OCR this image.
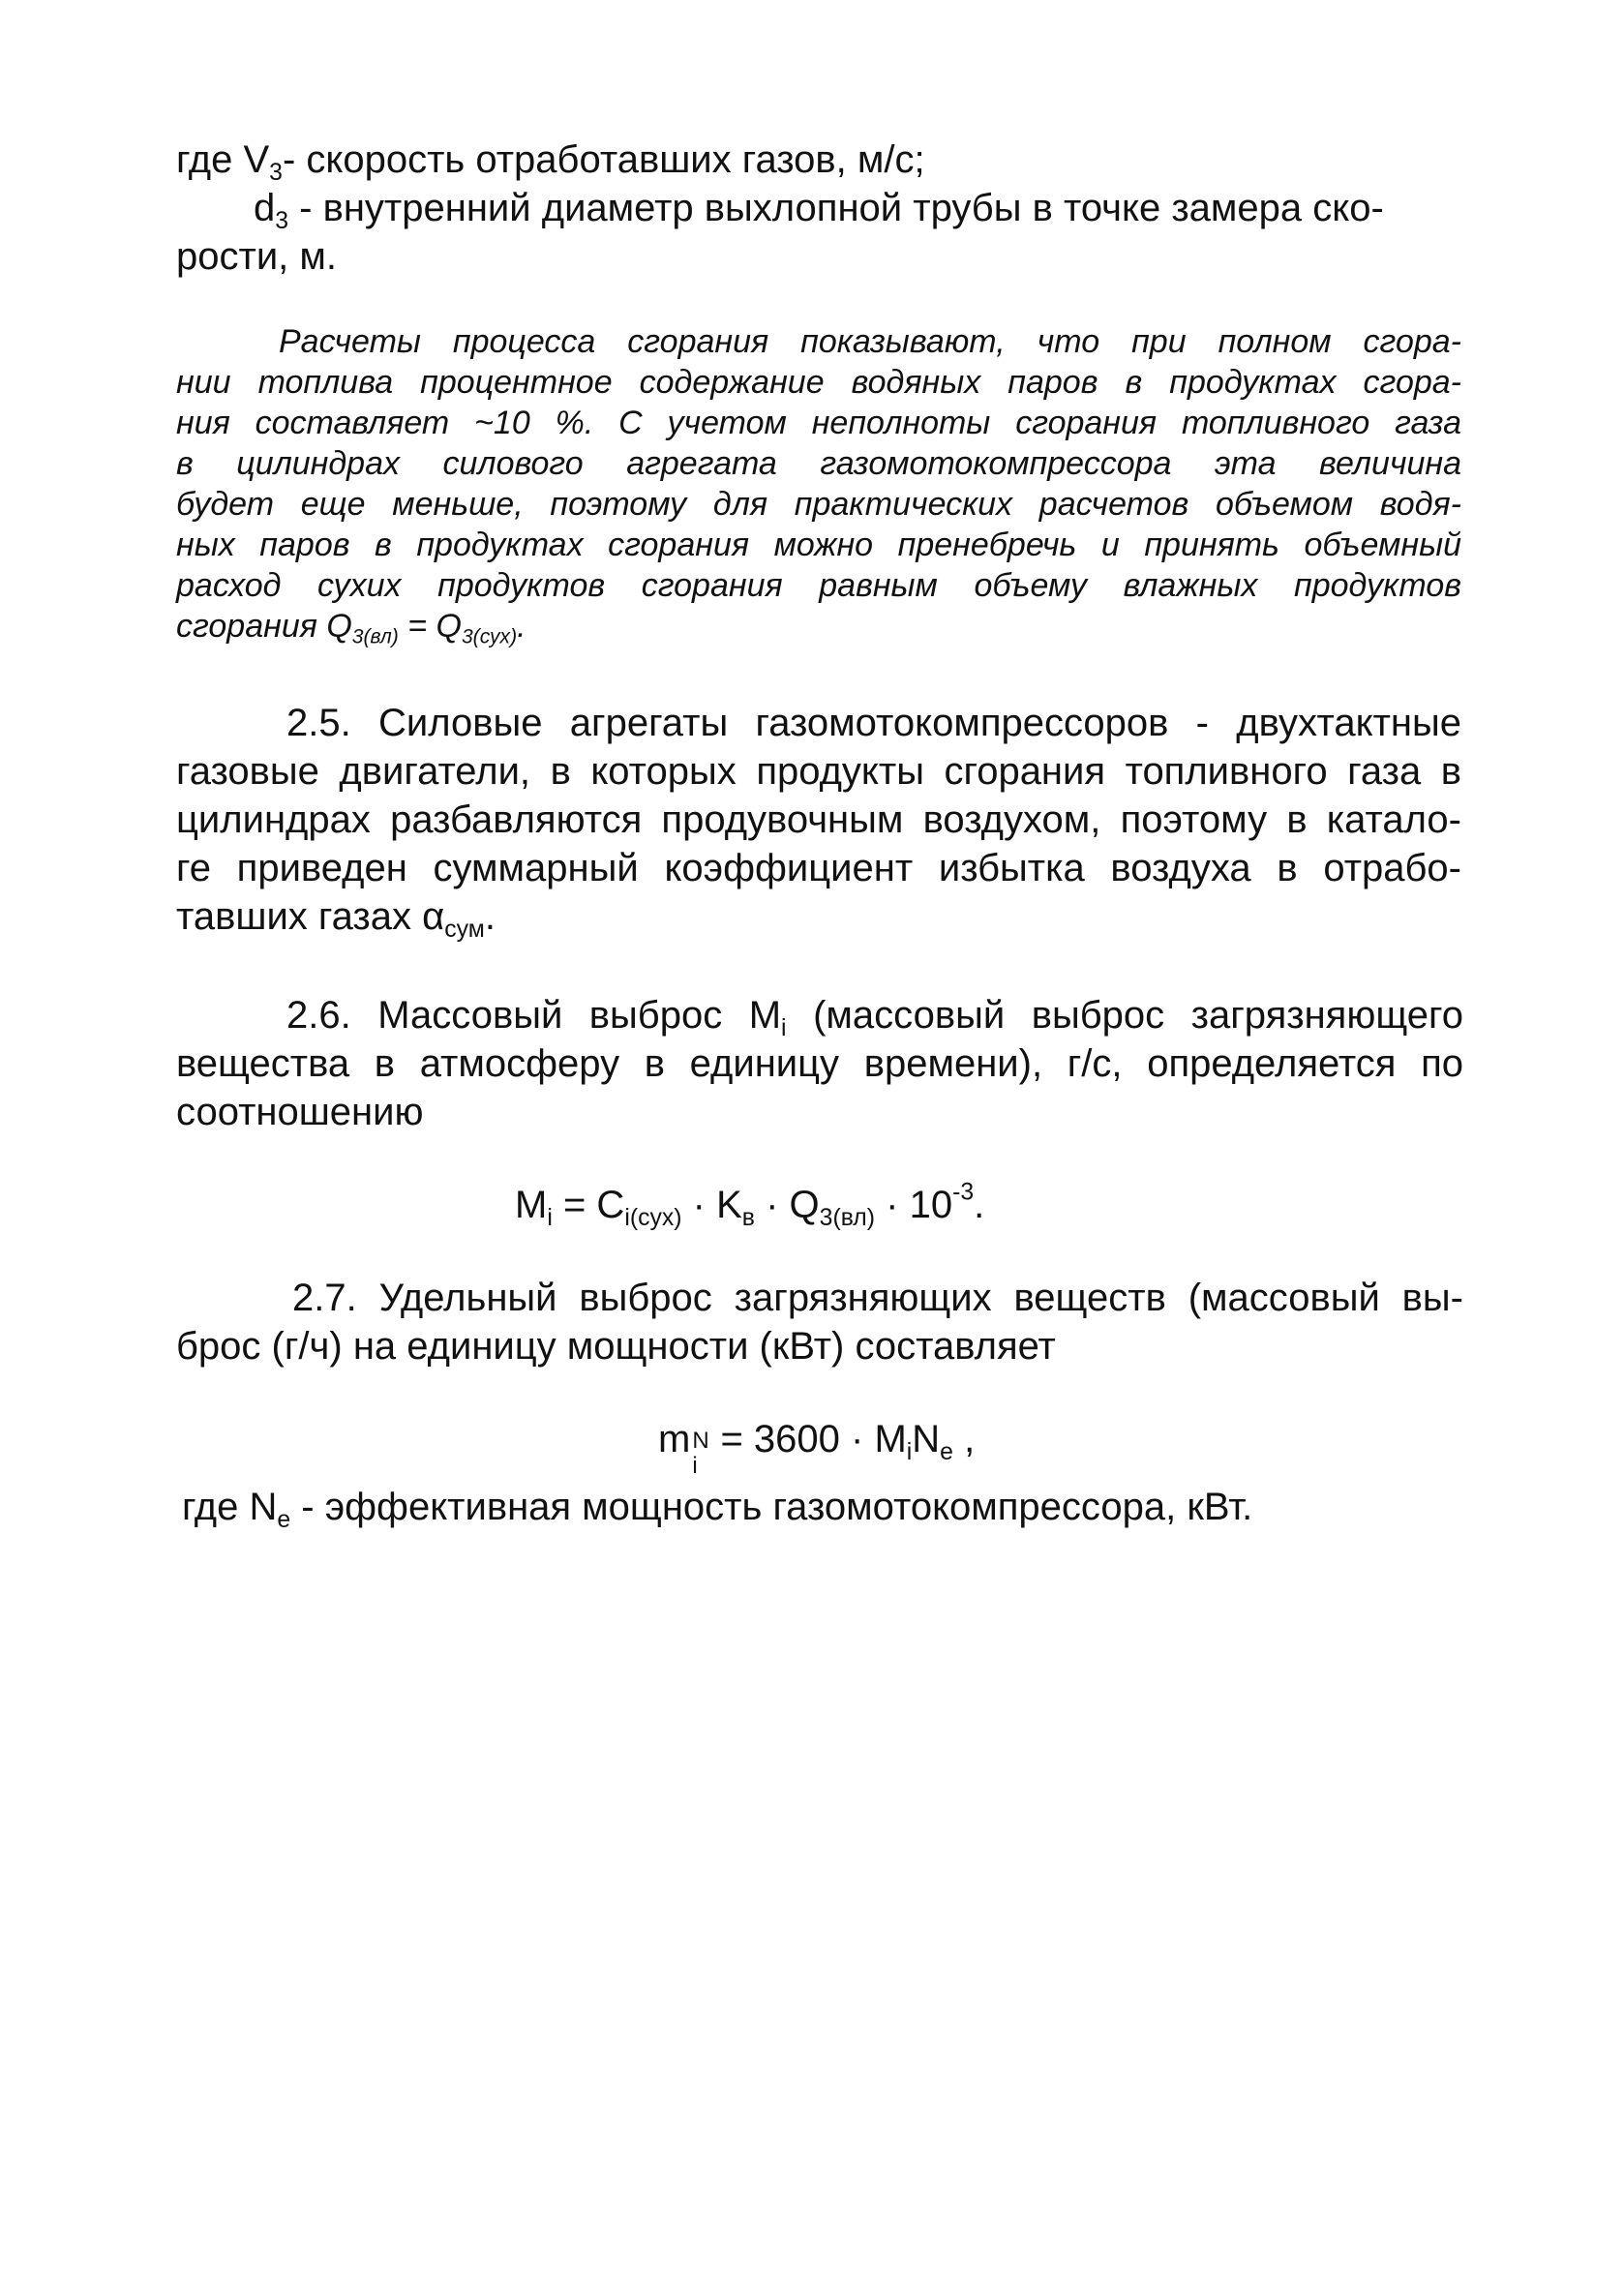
где $V_3-$ скорость отработавших газов, м/с;
$d_3$ - внутренний диаметр выхлопной трубы в точке замера ско-
рости, м.
Расчеты процесса сгорания показывают, что при полном сгора-
нии топлива процентное содержание водяных паров в продуктах сгора-
ния составляет ~10 %. С учетом неполноты сгорания топливного газа
в цилиндрах силового агрегата газомотокомпрессора эта величина
будет еще меньше, поэтому для практических расчетов объемом водя-
ных паров в продуктах сгорания можно пренебречь и принять объемный
расход сухих продуктов сгорания равным объему влажных продуктов
сгорания $Q_{3(вл)} = Q_{3(сух)}$.
2.5. Силовые агрегаты газомотокомпрессоров - двухтактные
газовые двигатели, в которых продукты сгорания топливного газа в
цилиндрах разбавляются продувочным воздухом, поэтому в катало-
ге приведен суммарный коэффициент избытка воздуха в отрабо-
тавших газах $\alpha_{сум}$.
2.6. Массовый выброс $M_i$ (массовый выброс загрязняющего
вещества в атмосферу в единицу времени), г/с, определяется по
соотношению
$M_i = C_{i(сух)} \cdot K_в \cdot Q_{3(вл)} \cdot 10^{-3}$.
2.7. Удельный выброс загрязняющих веществ (массовый вы-
брос (г/ч) на единицу мощности (кВт) составляет
m N
i
= $3600 \cdot M_iN_e$ ,
где $N_e$ - эффективная мощность газомотокомпрессора, кВт.
